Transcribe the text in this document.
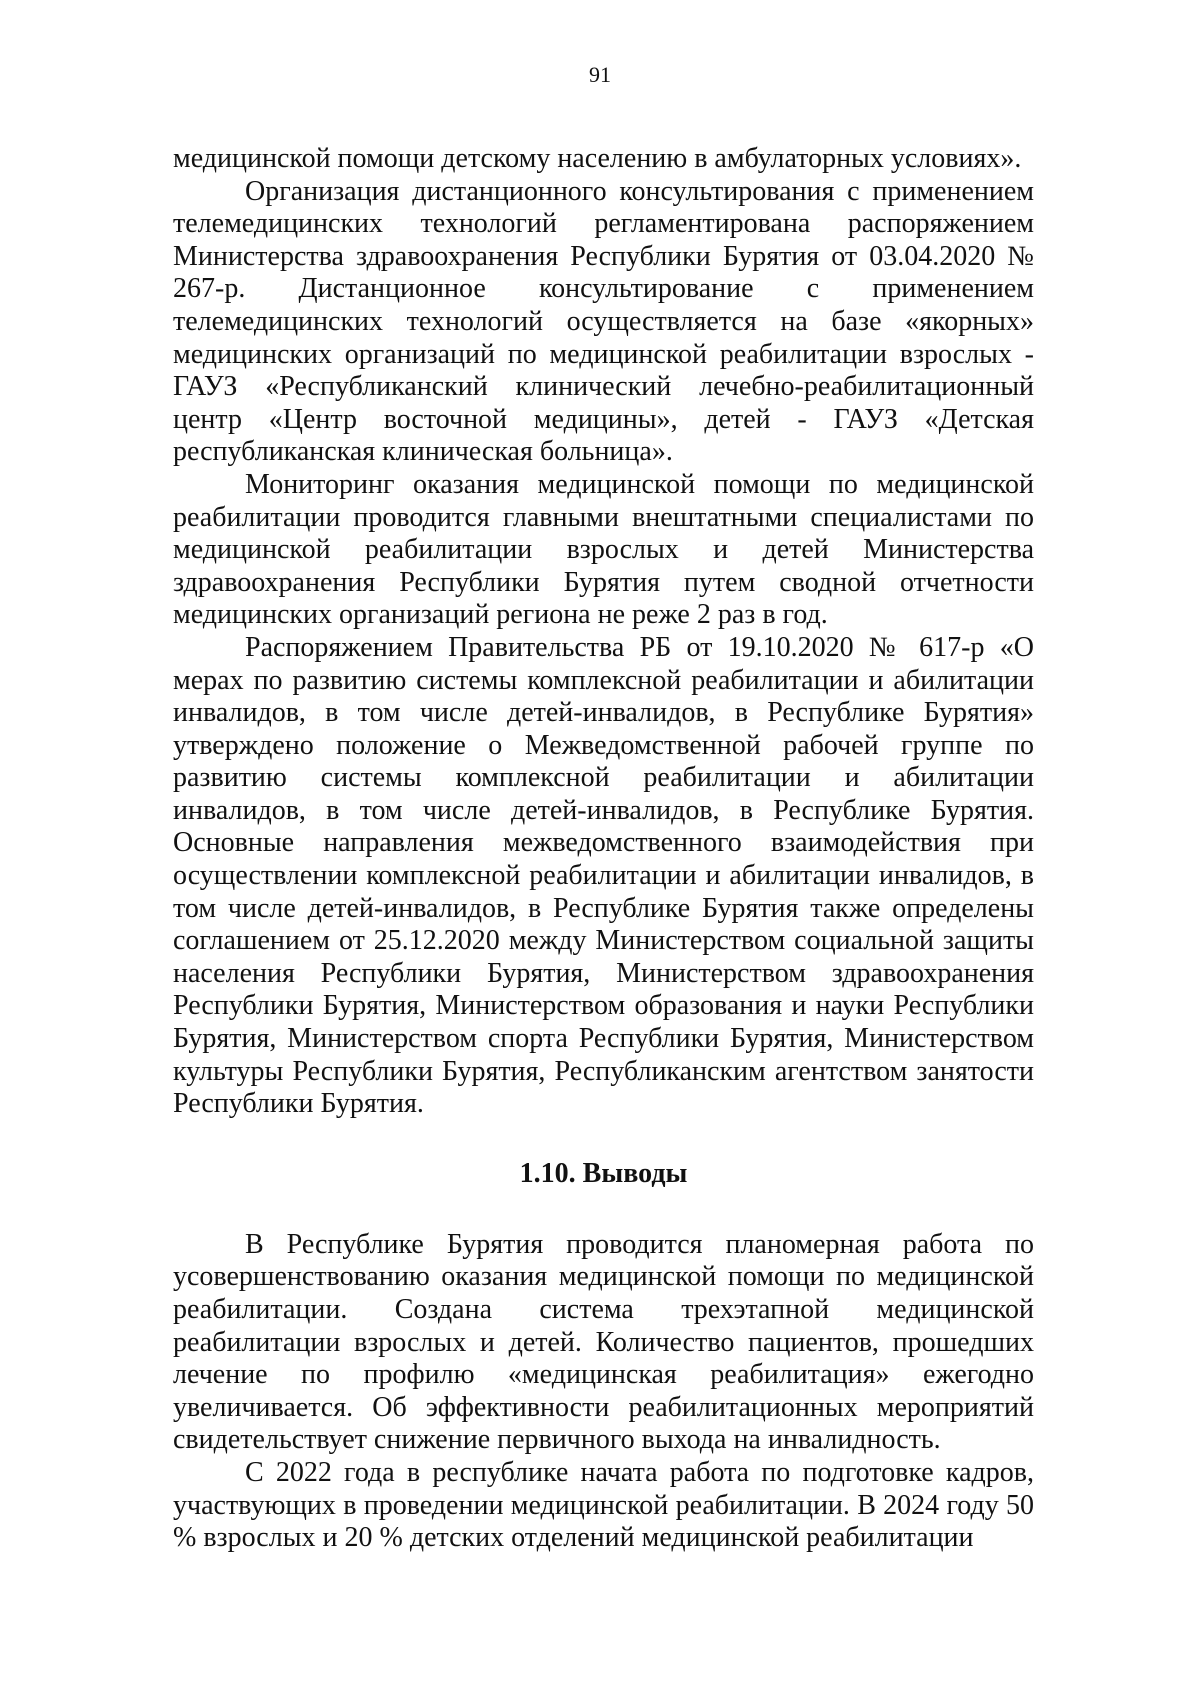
91

медицинской помощи детскому населению в амбулаторных условиях».

Организация дистанционного консультирования с применением телемедицинских технологий регламентирована распоряжением Министерства здравоохранения Республики Бурятия от 03.04.2020 № 267-р. Дистанционное консультирование с применением телемедицинских технологий осуществляется на базе «якорных» медицинских организаций по медицинской реабилитации взрослых - ГАУЗ «Республиканский клинический лечебно-реабилитационный центр «Центр восточной медицины», детей - ГАУЗ «Детская республиканская клиническая больница».

Мониторинг оказания медицинской помощи по медицинской реабилитации проводится главными внештатными специалистами по медицинской реабилитации взрослых и детей Министерства здравоохранения Республики Бурятия путем сводной отчетности медицинских организаций региона не реже 2 раз в год.

Распоряжением Правительства РБ от 19.10.2020 № 617-р «О мерах по развитию системы комплексной реабилитации и абилитации инвалидов, в том числе детей-инвалидов, в Республике Бурятия» утверждено положение о Межведомственной рабочей группе по развитию системы комплексной реабилитации и абилитации инвалидов, в том числе детей-инвалидов, в Республике Бурятия. Основные направления межведомственного взаимодействия при осуществлении комплексной реабилитации и абилитации инвалидов, в том числе детей-инвалидов, в Республике Бурятия также определены соглашением от 25.12.2020 между Министерством социальной защиты населения Республики Бурятия, Министерством здравоохранения Республики Бурятия, Министерством образования и науки Республики Бурятия, Министерством спорта Республики Бурятия, Министерством культуры Республики Бурятия, Республиканским агентством занятости Республики Бурятия.

1.10. Выводы

В Республике Бурятия проводится планомерная работа по усовершенствованию оказания медицинской помощи по медицинской реабилитации. Создана система трехэтапной медицинской реабилитации взрослых и детей. Количество пациентов, прошедших лечение по профилю «медицинская реабилитация» ежегодно увеличивается. Об эффективности реабилитационных мероприятий свидетельствует снижение первичного выхода на инвалидность.

С 2022 года в республике начата работа по подготовке кадров, участвующих в проведении медицинской реабилитации. В 2024 году 50 % взрослых и 20 % детских отделений медицинской реабилитации
